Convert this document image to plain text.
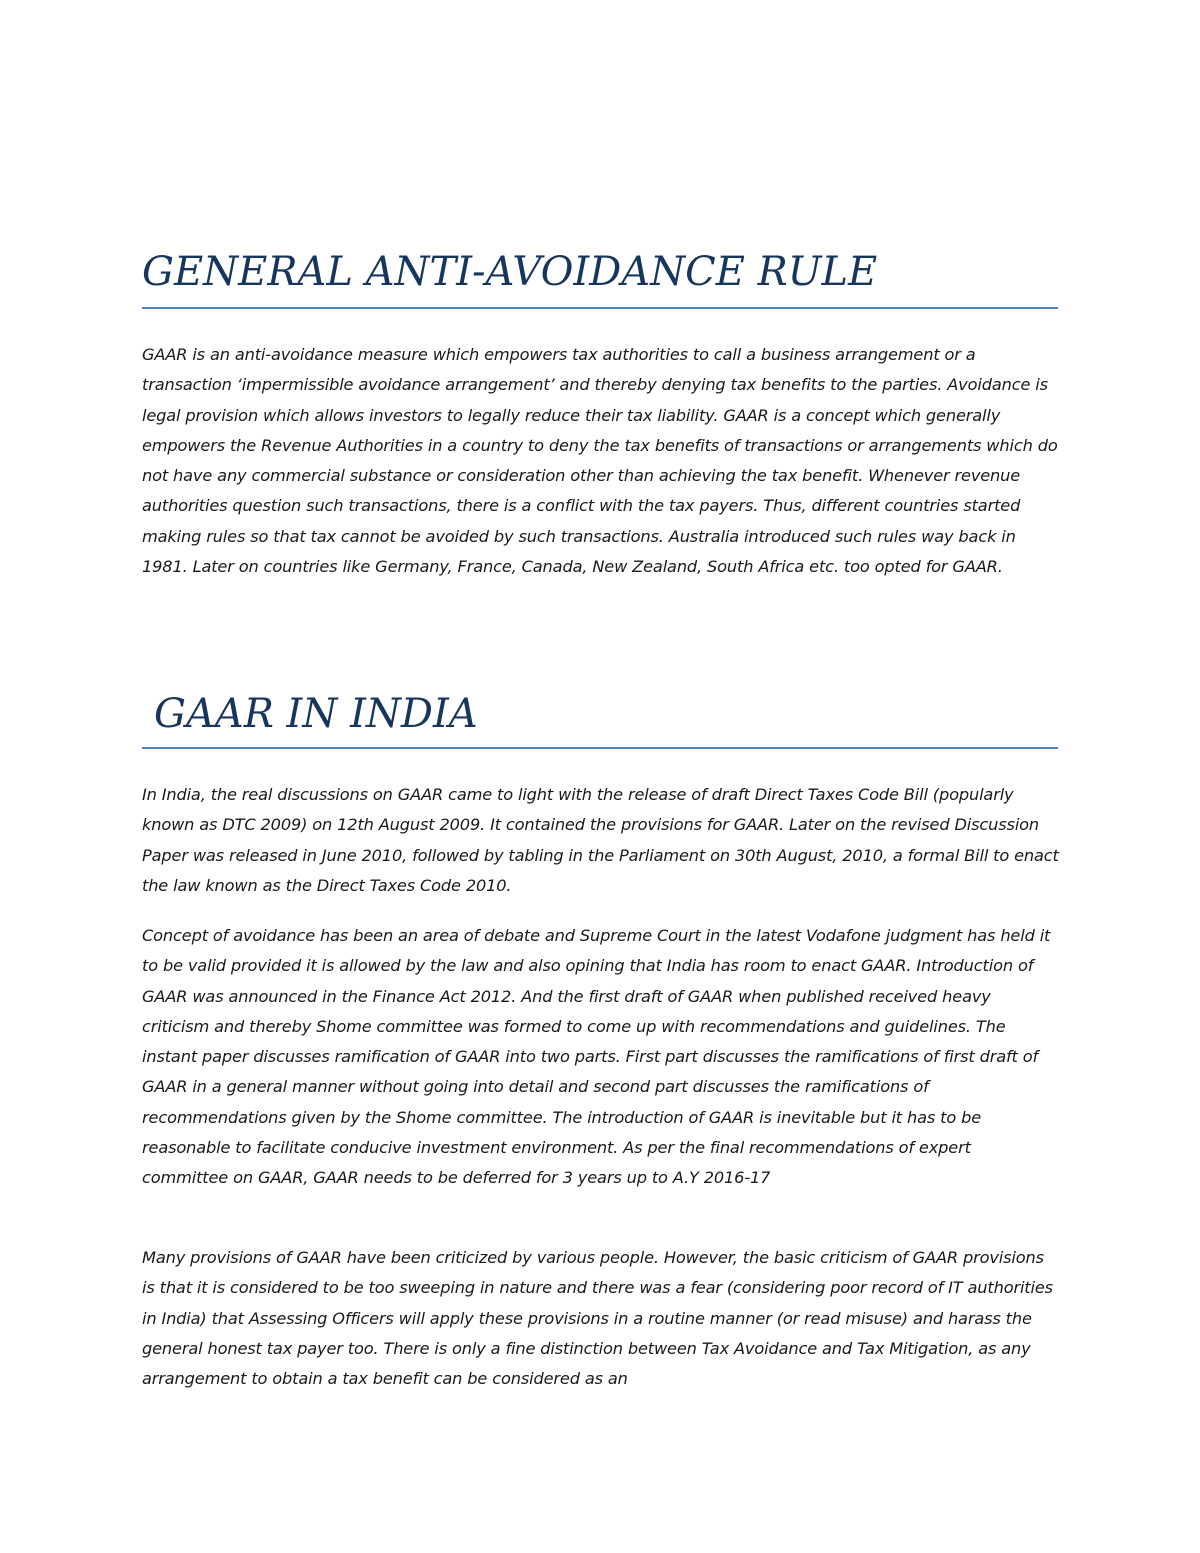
GENERAL ANTI-AVOIDANCE RULE

GAAR is an anti-avoidance measure which empowers tax authorities to call a business arrangement or a transaction ‘impermissible avoidance arrangement’ and thereby denying tax benefits to the parties. Avoidance is legal provision which allows investors to legally reduce their tax liability. GAAR is a concept which generally empowers the Revenue Authorities in a country to deny the tax benefits of transactions or arrangements which do not have any commercial substance or consideration other than achieving the tax benefit. Whenever revenue authorities question such transactions, there is a conflict with the tax payers. Thus, different countries started making rules so that tax cannot be avoided by such transactions. Australia introduced such rules way back in 1981. Later on countries like Germany, France, Canada, New Zealand, South Africa etc. too opted for GAAR.

GAAR IN INDIA

In India, the real discussions on GAAR came to light with the release of draft Direct Taxes Code Bill (popularly known as DTC 2009) on 12th August 2009. It contained the provisions for GAAR. Later on the revised Discussion Paper was released in June 2010, followed by tabling in the Parliament on 30th August, 2010, a formal Bill to enact the law known as the Direct Taxes Code 2010.

Concept of avoidance has been an area of debate and Supreme Court in the latest Vodafone judgment has held it to be valid provided it is allowed by the law and also opining that India has room to enact GAAR. Introduction of GAAR was announced in the Finance Act 2012. And the first draft of GAAR when published received heavy criticism and thereby Shome committee was formed to come up with recommendations and guidelines. The instant paper discusses ramification of GAAR into two parts. First part discusses the ramifications of first draft of GAAR in a general manner without going into detail and second part discusses the ramifications of recommendations given by the Shome committee. The introduction of GAAR is inevitable but it has to be reasonable to facilitate conducive investment environment. As per the final recommendations of expert committee on GAAR, GAAR needs to be deferred for 3 years up to A.Y 2016-17

Many provisions of GAAR have been criticized by various people. However, the basic criticism of GAAR provisions is that it is considered to be too sweeping in nature and there was a fear (considering poor record of IT authorities in India) that Assessing Officers will apply these provisions in a routine manner (or read misuse) and harass the general honest tax payer too. There is only a fine distinction between Tax Avoidance and Tax Mitigation, as any arrangement to obtain a tax benefit can be considered as an
